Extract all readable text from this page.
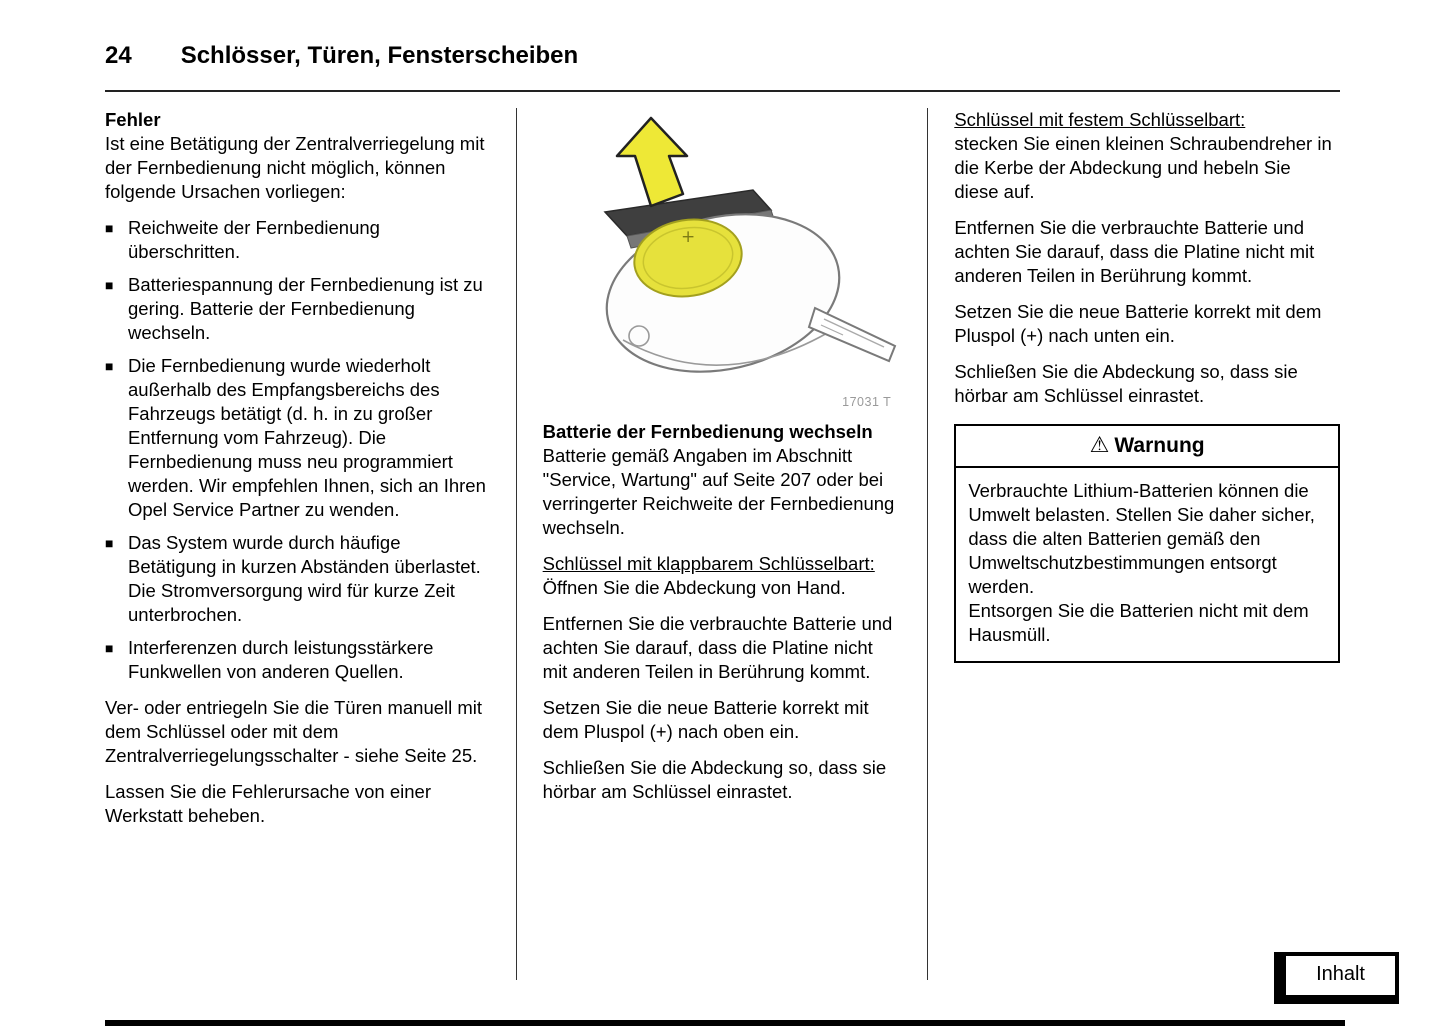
24 Schlösser, Türen, Fensterscheiben
Fehler

Ist eine Betätigung der Zentralverriegelung mit der Fernbedienung nicht möglich, können folgende Ursachen vorliegen:

■ Reichweite der Fernbedienung überschritten.
■ Batteriespannung der Fernbedienung ist zu gering. Batterie der Fernbedienung wechseln.
■ Die Fernbedienung wurde wiederholt außerhalb des Empfangsbereichs des Fahrzeugs betätigt (d. h. in zu großer Entfernung vom Fahrzeug). Die Fernbedienung muss neu programmiert werden. Wir empfehlen Ihnen, sich an Ihren Opel Service Partner zu wenden.
■ Das System wurde durch häufige Betätigung in kurzen Abständen überlastet. Die Stromversorgung wird für kurze Zeit unterbrochen.
■ Interferenzen durch leistungsstärkere Funkwellen von anderen Quellen.

Ver- oder entriegeln Sie die Türen manuell mit dem Schlüssel oder mit dem Zentralverriegelungsschalter - siehe Seite 25.

Lassen Sie die Fehlerursache von einer Werkstatt beheben.

+
17031 T
Batterie der Fernbedienung wechseln

Batterie gemäß Angaben im Abschnitt "Service, Wartung" auf Seite 207 oder bei verringerter Reichweite der Fernbedienung wechseln.

Schlüssel mit klappbarem Schlüsselbart:
Öffnen Sie die Abdeckung von Hand.

Entfernen Sie die verbrauchte Batterie und achten Sie darauf, dass die Platine nicht mit anderen Teilen in Berührung kommt.

Setzen Sie die neue Batterie korrekt mit dem Pluspol (+) nach oben ein.

Schließen Sie die Abdeckung so, dass sie hörbar am Schlüssel einrastet.

Schlüssel mit festem Schlüsselbart:
stecken Sie einen kleinen Schraubendreher in die Kerbe der Abdeckung und hebeln Sie diese auf.

Entfernen Sie die verbrauchte Batterie und achten Sie darauf, dass die Platine nicht mit anderen Teilen in Berührung kommt.

Setzen Sie die neue Batterie korrekt mit dem Pluspol (+) nach unten ein.

Schließen Sie die Abdeckung so, dass sie hörbar am Schlüssel einrastet.

⚠ Warnung

Verbrauchte Lithium-Batterien können die Umwelt belasten. Stellen Sie daher sicher, dass die alten Batterien gemäß den Umweltschutzbestimmungen entsorgt werden.

Entsorgen Sie die Batterien nicht mit dem Hausmüll.

Inhalt
